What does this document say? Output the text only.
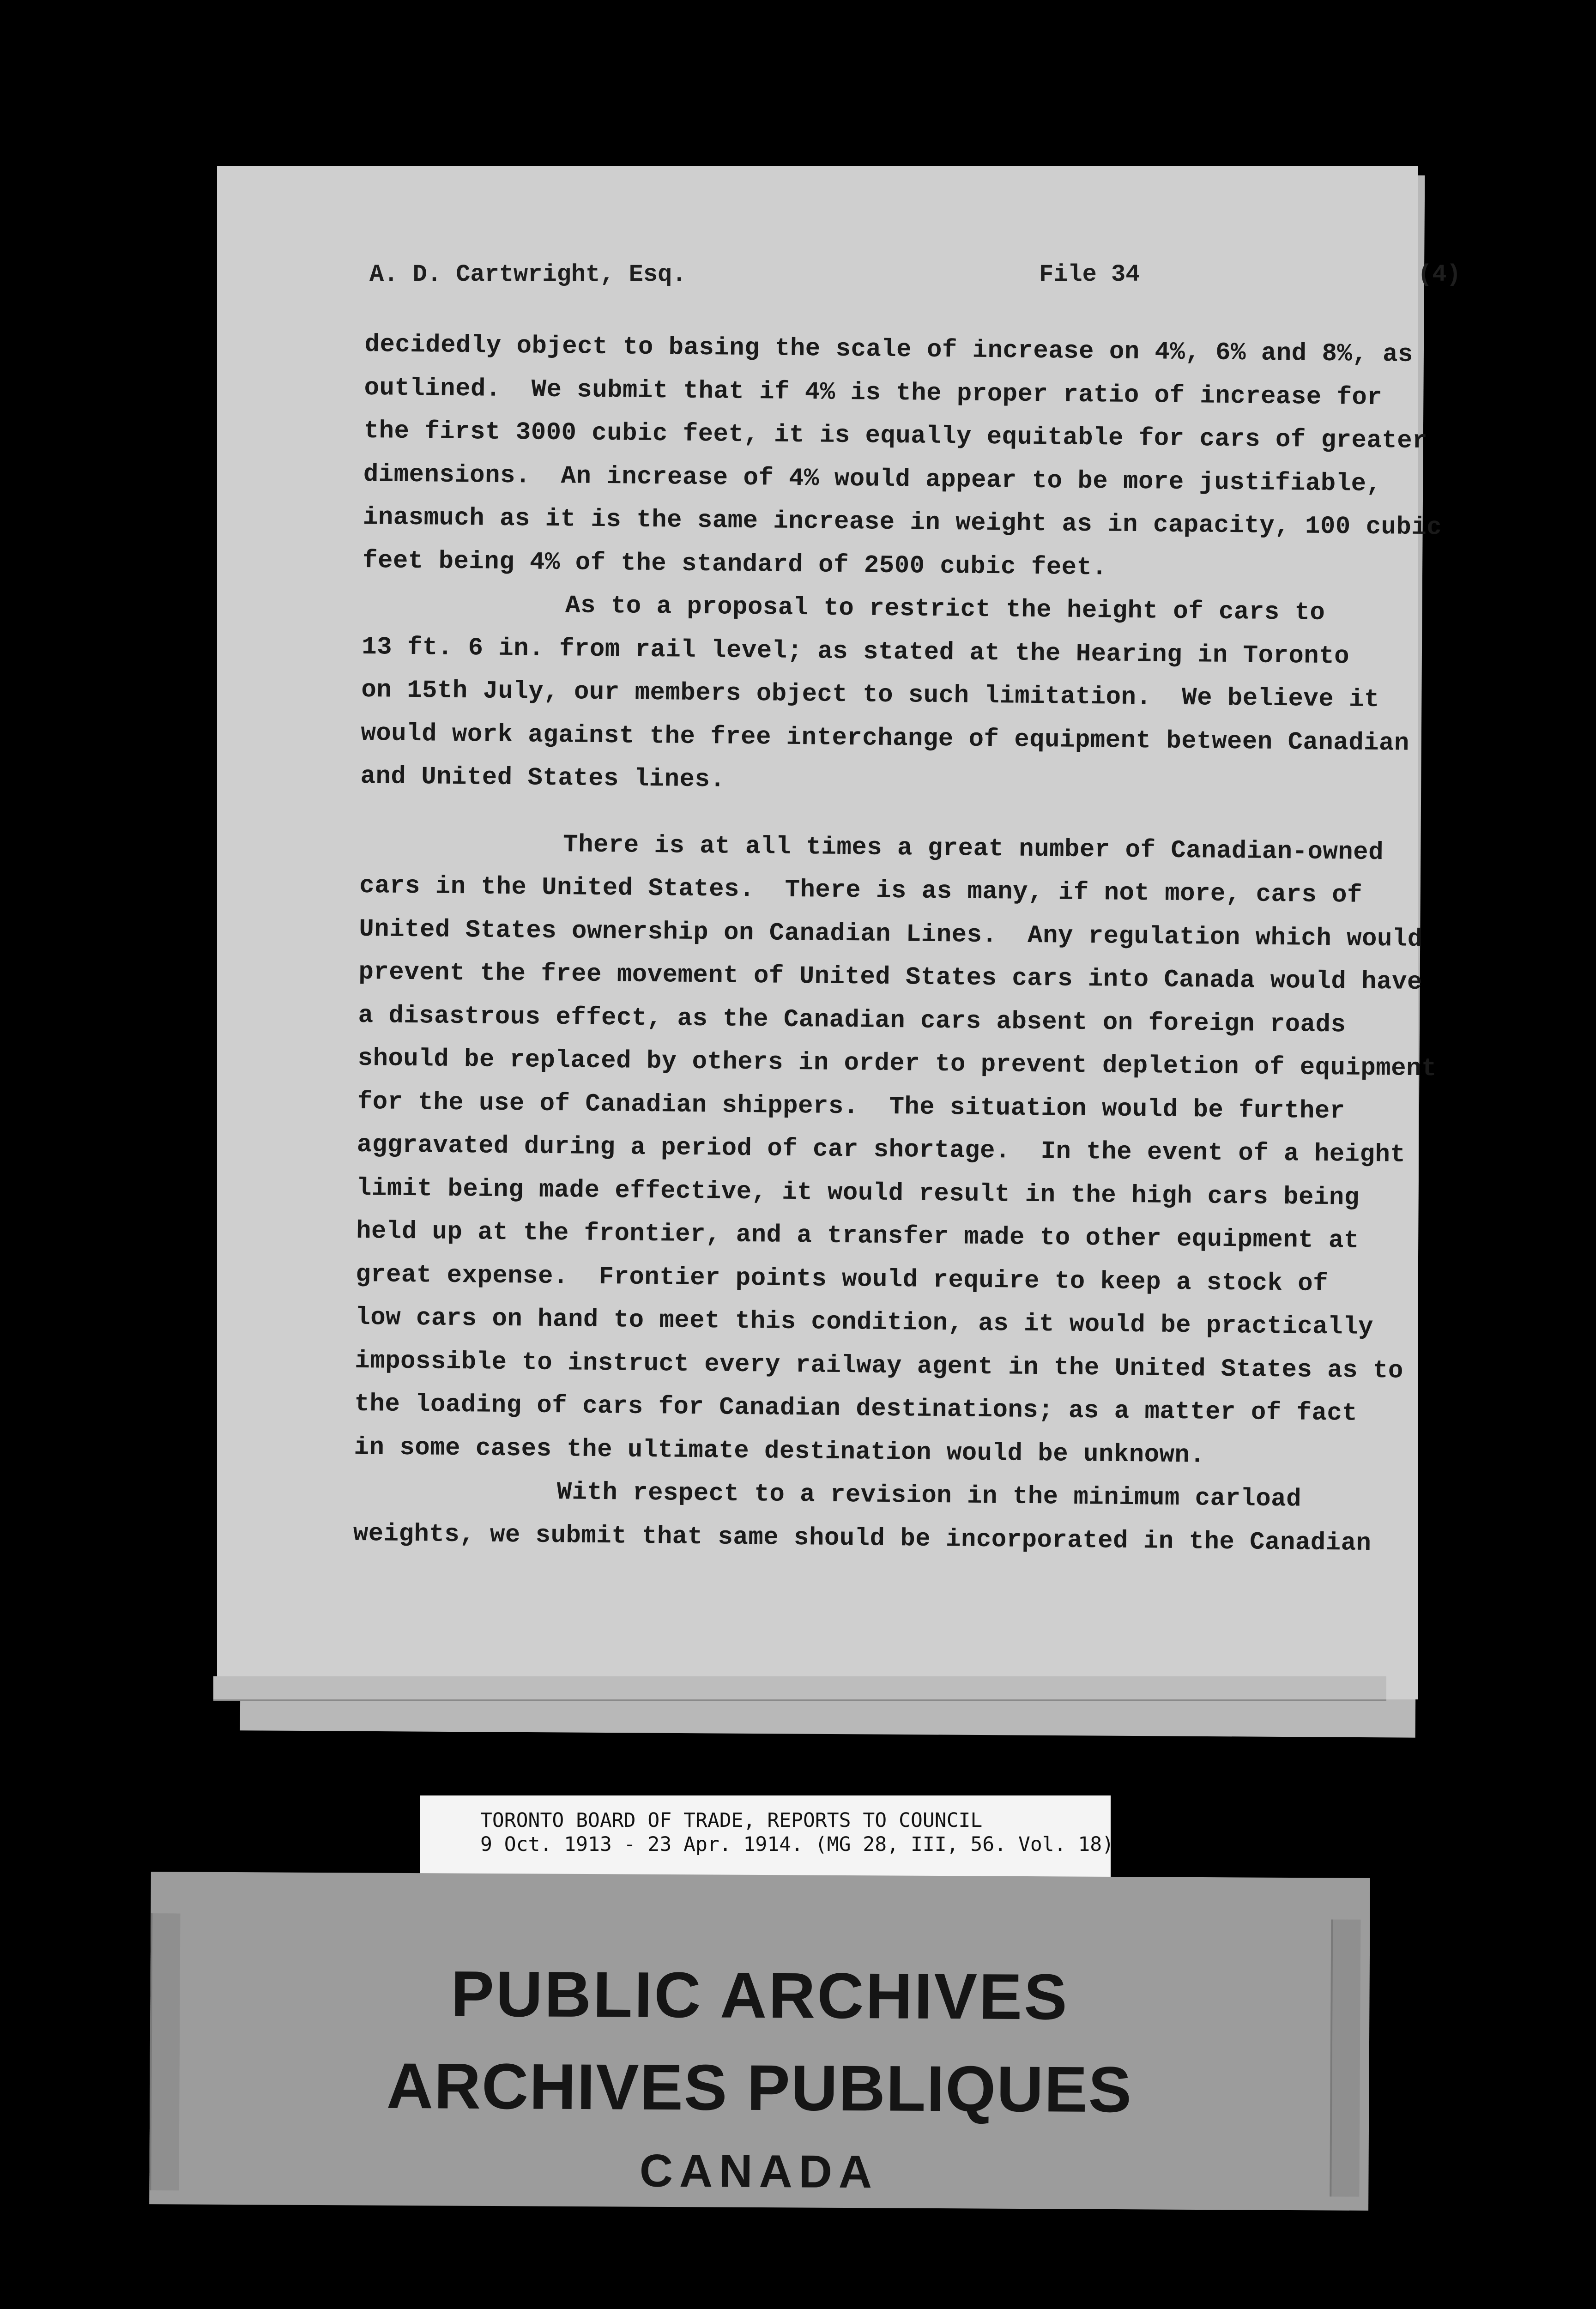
A. D. Cartwright, Esq.	File 34	(4)
decidedly object to basing the scale of increase on 4%, 6% and 8%, as
outlined.  We submit that if 4% is the proper ratio of increase for
the first 3000 cubic feet, it is equally equitable for cars of greater
dimensions.  An increase of 4% would appear to be more justifiable,
inasmuch as it is the same increase in weight as in capacity, 100 cubic
feet being 4% of the standard of 2500 cubic feet.
As to a proposal to restrict the height of cars to
13 ft. 6 in. from rail level; as stated at the Hearing in Toronto
on 15th July, our members object to such limitation.  We believe it
would work against the free interchange of equipment between Canadian
and United States lines.
There is at all times a great number of Canadian-owned
cars in the United States.  There is as many, if not more, cars of
United States ownership on Canadian Lines.  Any regulation which would
prevent the free movement of United States cars into Canada would have
a disastrous effect, as the Canadian cars absent on foreign roads
should be replaced by others in order to prevent depletion of equipment
for the use of Canadian shippers.  The situation would be further
aggravated during a period of car shortage.  In the event of a height
limit being made effective, it would result in the high cars being
held up at the frontier, and a transfer made to other equipment at
great expense.  Frontier points would require to keep a stock of
low cars on hand to meet this condition, as it would be practically
impossible to instruct every railway agent in the United States as to
the loading of cars for Canadian destinations; as a matter of fact
in some cases the ultimate destination would be unknown.
With respect to a revision in the minimum carload
weights, we submit that same should be incorporated in the Canadian
TORONTO BOARD OF TRADE, REPORTS TO COUNCIL
9 Oct. 1913 - 23 Apr. 1914. (MG 28, III, 56. Vol. 18)
PUBLIC ARCHIVES
ARCHIVES PUBLIQUES
CANADA
